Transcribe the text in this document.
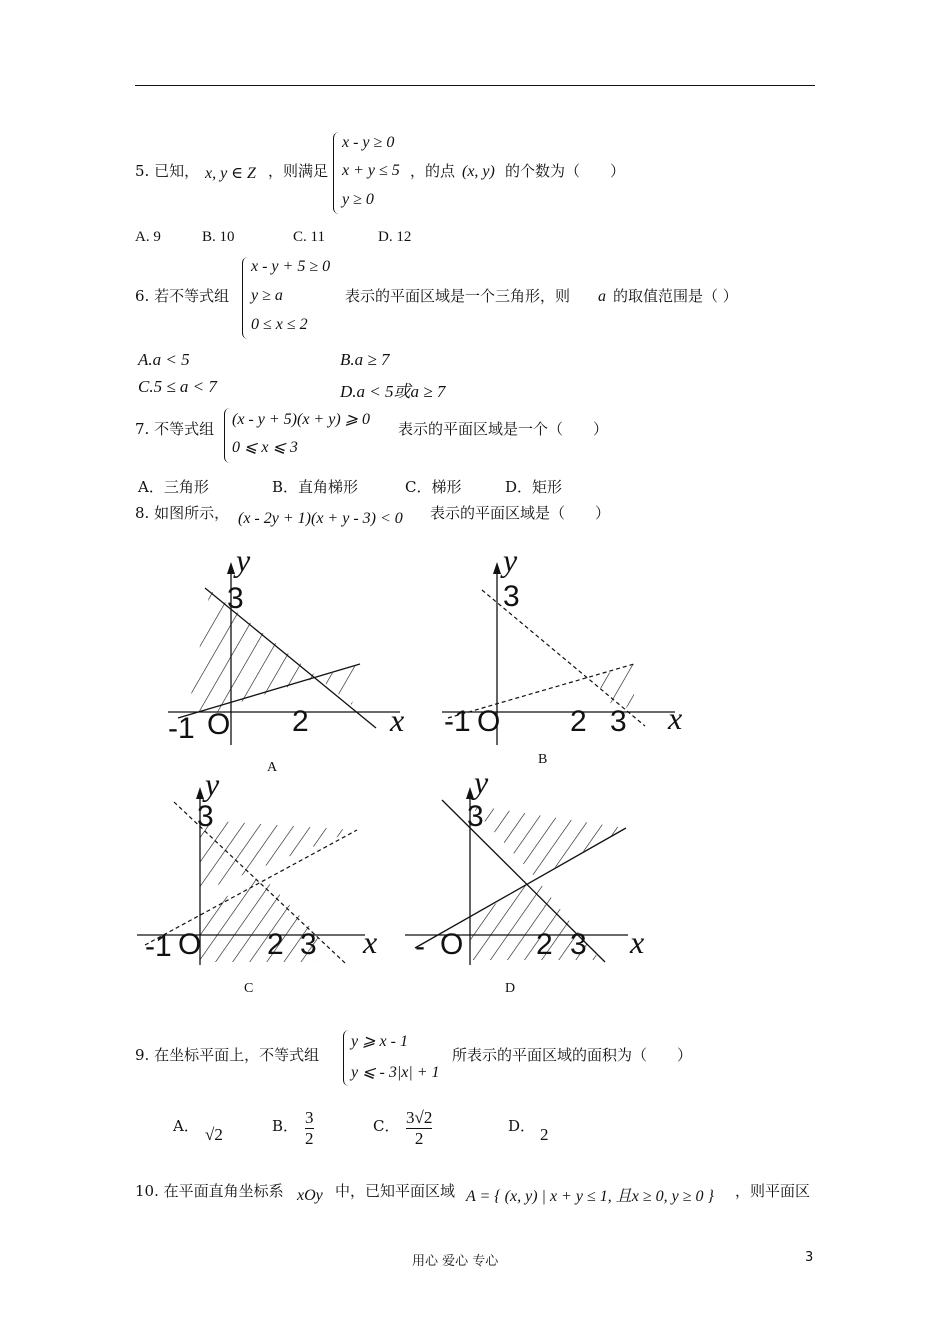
5. 已知， x, y ∈ Z ，则满足
x - y ≥ 0
x + y ≤ 5
y ≥ 0
，的点 (x, y) 的个数为（　　）
A. 9	B. 10	C. 11	D. 12
6. 若不等式组
x - y + 5 ≥ 0
y ≥ a
0 ≤ x ≤ 2
表示的平面区域是一个三角形，则 a 的取值范围是（ ）
A.a < 5	B.a ≥ 7
C.5 ≤ a < 7	D.a < 5或a ≥ 7
7. 不等式组
(x - y + 5)(x + y) ⩾ 0
0 ⩽ x ⩽ 3
表示的平面区域是一个（　　）
A．三角形	B．直角梯形	C．梯形	D．矩形
8. 如图所示， (x - 2y + 1)(x + y - 3) < 0 表示的平面区域是（　　）
y
3
-1 O 2	x
A
y
3
-1 O 2 3 x
B
y
3
-1 O 2 3 x
C
y
3
- O 2 3 x
D
9. 在坐标平面上，不等式组
y ⩾ x - 1
y ⩽ - 3|x| + 1
所表示的平面区域的面积为（　　）
A． √2	B． $\frac{3}{2}$	C． $\frac{3√2}{2}$	D． 2
10. 在平面直角坐标系 xOy 中，已知平面区域 A = { (x, y) | x + y ≤ 1, 且x ≥ 0, y ≥ 0 } ，则平面区
用心 爱心 专心	3
